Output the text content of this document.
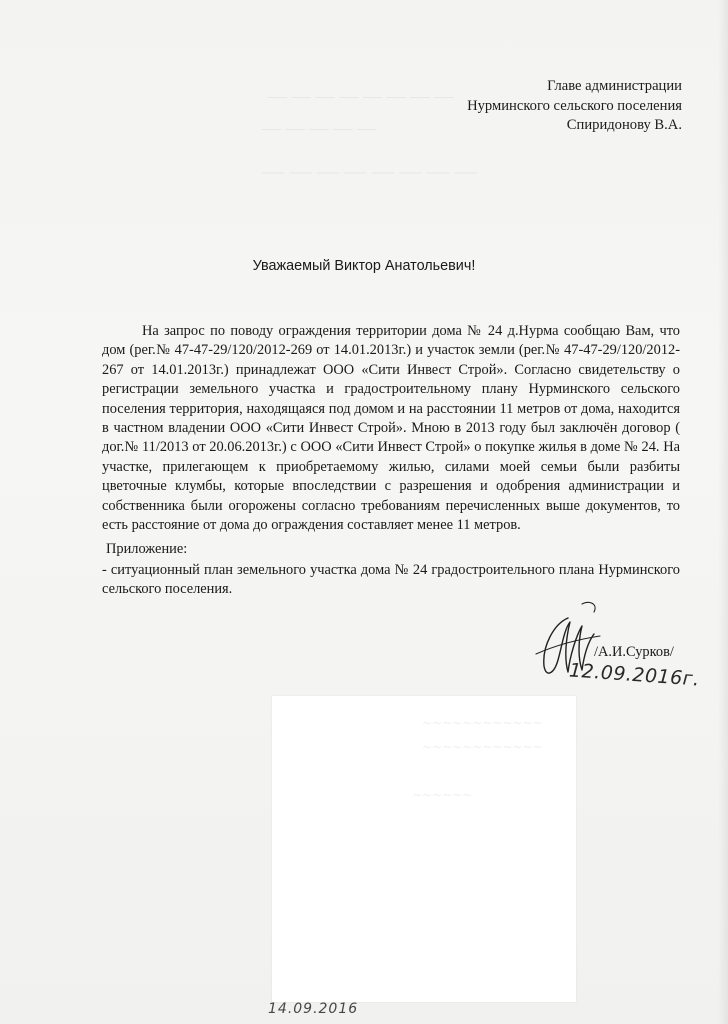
— — — — — — — —
— — — — —
— — — — — — — —
Главе администрации
Нурминского сельского поселения
Спиридонову В.А.
Уважаемый Виктор Анатольевич!

На запрос по поводу ограждения территории дома № 24 д.Нурма сообщаю Вам, что дом (рег.№ 47-47-29/120/2012-269 от 14.01.2013г.) и участок земли (рег.№ 47-47-29/120/2012-267 от 14.01.2013г.) принадлежат ООО «Сити Инвест Строй». Согласно свидетельству о регистрации земельного участка и градостроительному плану Нурминского сельского поселения территория, находящаяся под домом и на расстоянии 11 метров от дома, находится в частном владении ООО «Сити Инвест Строй». Мною в 2013 году был заключён договор ( дог.№ 11/2013 от 20.06.2013г.) с ООО «Сити Инвест Строй» о покупке жилья в доме № 24. На участке, прилегающем к приобретаемому жилью, силами моей семьи были разбиты цветочные клумбы, которые впоследствии с разрешения и одобрения администрации и собственника были огорожены согласно требованиям перечисленных выше документов, то есть расстояние от дома до ограждения составляет менее 11 метров.

Приложение:

- ситуационный план земельного участка дома № 24 градостроительного плана Нурминского сельского поселения.

/А.И.Сурков/
12.09.2016г.
~~~~~~~~~~~~
~~~~~~~~~~~~
~~~~~~
14.09.2016
